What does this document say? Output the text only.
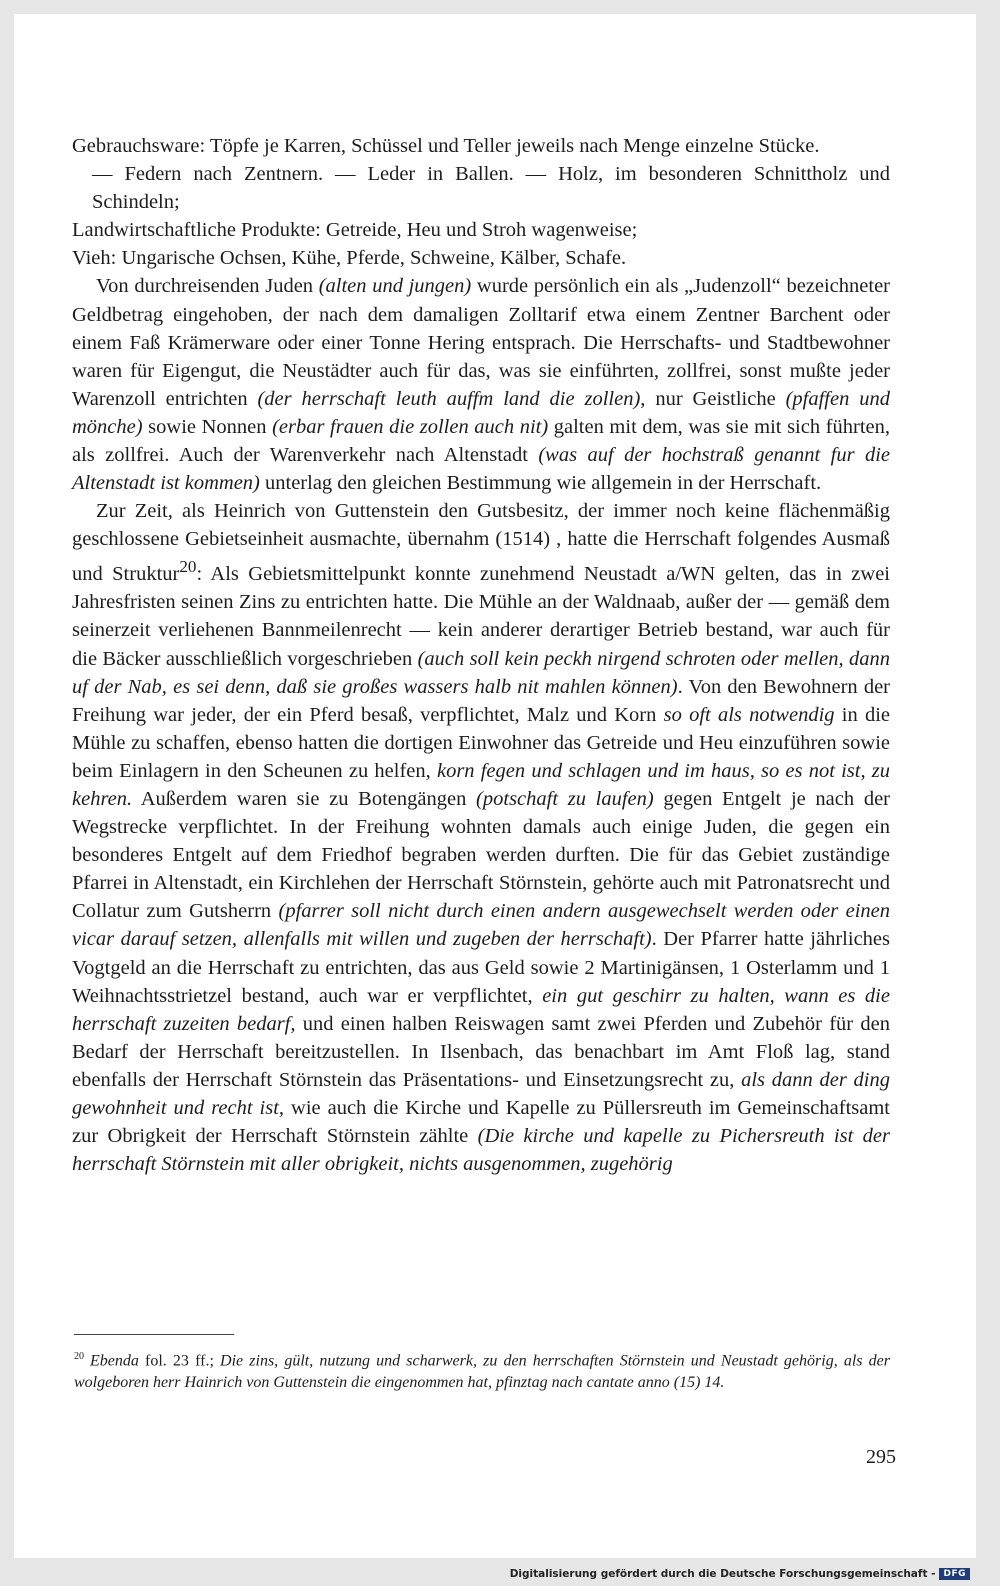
Gebrauchsware: Töpfe je Karren, Schüssel und Teller jeweils nach Menge einzelne Stücke.

— Federn nach Zentnern. — Leder in Ballen. — Holz, im besonderen Schnittholz und Schindeln;

Landwirtschaftliche Produkte: Getreide, Heu und Stroh wagenweise;

Vieh: Ungarische Ochsen, Kühe, Pferde, Schweine, Kälber, Schafe.

Von durchreisenden Juden (alten und jungen) wurde persönlich ein als „Judenzoll“ bezeichneter Geldbetrag eingehoben, der nach dem damaligen Zolltarif etwa einem Zentner Barchent oder einem Faß Krämerware oder einer Tonne Hering entsprach. Die Herrschafts- und Stadtbewohner waren für Eigengut, die Neustädter auch für das, was sie einführten, zollfrei, sonst mußte jeder Warenzoll entrichten (der herrschaft leuth auffm land die zollen), nur Geistliche (pfaffen und mönche) sowie Nonnen (erbar frauen die zollen auch nit) galten mit dem, was sie mit sich führten, als zollfrei. Auch der Warenverkehr nach Altenstadt (was auf der hochstraß genannt fur die Altenstadt ist kommen) unterlag den gleichen Bestimmung wie allgemein in der Herrschaft.

Zur Zeit, als Heinrich von Guttenstein den Gutsbesitz, der immer noch keine flächenmäßig geschlossene Gebietseinheit ausmachte, übernahm (1514) , hatte die Herrschaft folgendes Ausmaß und Struktur$^{20}$: Als Gebietsmittelpunkt konnte zunehmend Neustadt a/WN gelten, das in zwei Jahresfristen seinen Zins zu entrichten hatte. Die Mühle an der Waldnaab, außer der — gemäß dem seinerzeit verliehenen Bannmeilenrecht — kein anderer derartiger Betrieb bestand, war auch für die Bäcker ausschließlich vorgeschrieben (auch soll kein peckh nirgend schroten oder mellen, dann uf der Nab, es sei denn, daß sie großes wassers halb nit mahlen können). Von den Bewohnern der Freihung war jeder, der ein Pferd besaß, verpflichtet, Malz und Korn so oft als notwendig in die Mühle zu schaffen, ebenso hatten die dortigen Einwohner das Getreide und Heu einzuführen sowie beim Einlagern in den Scheunen zu helfen, korn fegen und schlagen und im haus, so es not ist, zu kehren. Außerdem waren sie zu Botengängen (potschaft zu laufen) gegen Entgelt je nach der Wegstrecke verpflichtet. In der Freihung wohnten damals auch einige Juden, die gegen ein besonderes Entgelt auf dem Friedhof begraben werden durften. Die für das Gebiet zuständige Pfarrei in Altenstadt, ein Kirchlehen der Herrschaft Störnstein, gehörte auch mit Patronatsrecht und Collatur zum Gutsherrn (pfarrer soll nicht durch einen andern ausgewechselt werden oder einen vicar darauf setzen, allenfalls mit willen und zugeben der herrschaft). Der Pfarrer hatte jährliches Vogtgeld an die Herrschaft zu entrichten, das aus Geld sowie 2 Martinigänsen, 1 Osterlamm und 1 Weihnachtsstrietzel bestand, auch war er verpflichtet, ein gut geschirr zu halten, wann es die herrschaft zuzeiten bedarf, und einen halben Reiswagen samt zwei Pferden und Zubehör für den Bedarf der Herrschaft bereitzustellen. In Ilsenbach, das benachbart im Amt Floß lag, stand ebenfalls der Herrschaft Störnstein das Präsentations- und Einsetzungsrecht zu, als dann der ding gewohnheit und recht ist, wie auch die Kirche und Kapelle zu Püllersreuth im Gemeinschaftsamt zur Obrigkeit der Herrschaft Störnstein zählte (Die kirche und kapelle zu Pichersreuth ist der herrschaft Störnstein mit aller obrigkeit, nichts ausgenommen, zugehörig

$^{20}$ Ebenda fol. 23 ff.; Die zins, gült, nutzung und scharwerk, zu den herrschaften Störnstein und Neustadt gehörig, als der wolgeboren herr Hainrich von Guttenstein die eingenommen hat, pfinztag nach cantate anno (15) 14.
295
Digitalisierung gefördert durch die Deutsche Forschungsgemeinschaft - DFG
